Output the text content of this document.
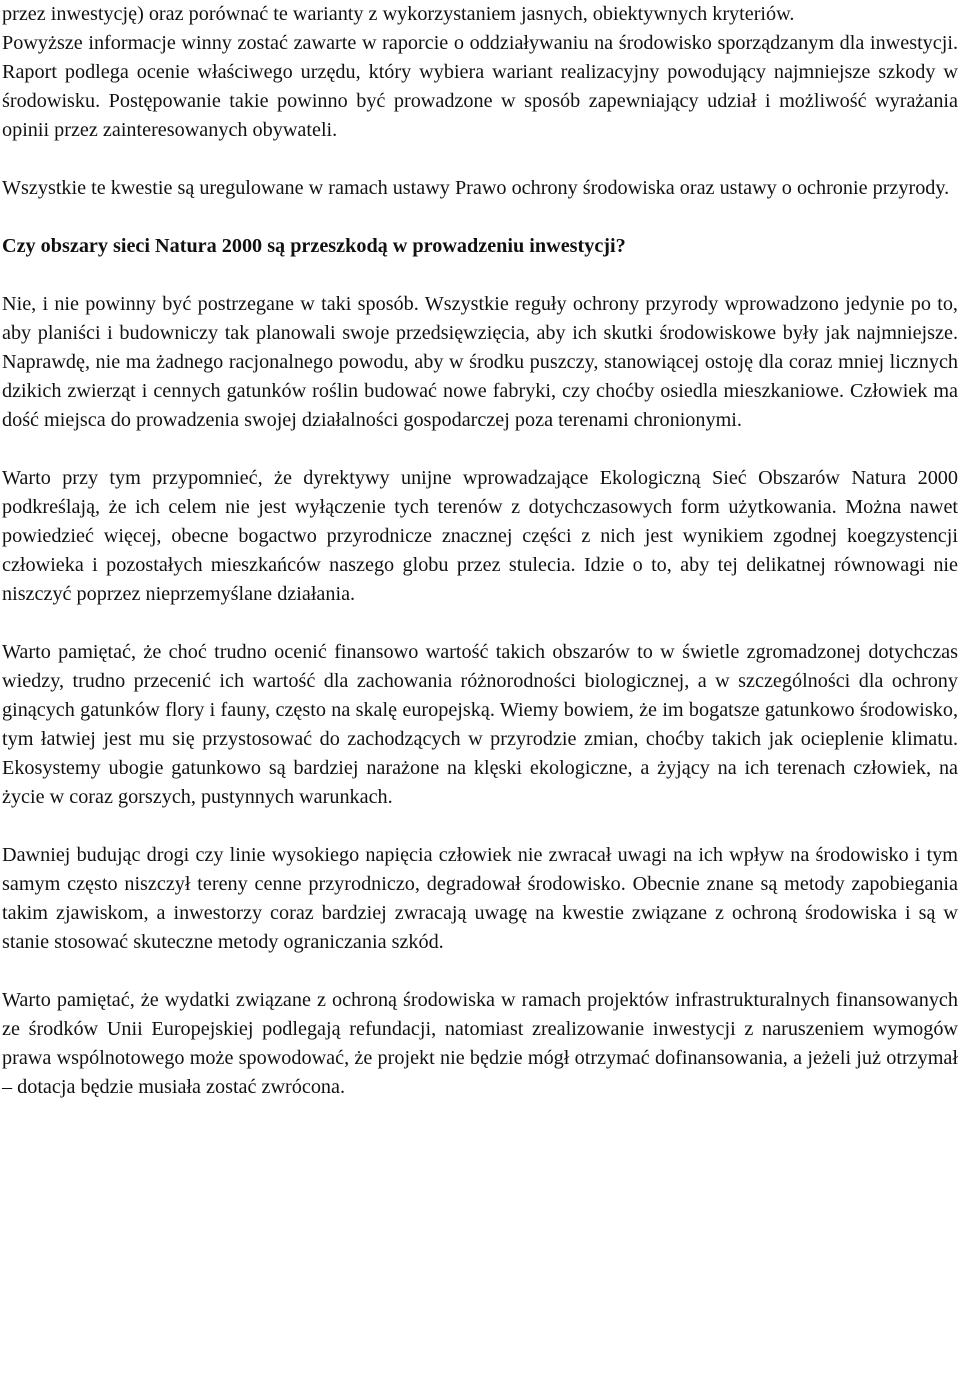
przez inwestycję) oraz porównać te warianty z wykorzystaniem jasnych, obiektywnych kryteriów.
Powyższe informacje winny zostać zawarte w raporcie o oddziaływaniu na środowisko sporządzanym dla inwestycji. Raport podlega ocenie właściwego urzędu, który wybiera wariant realizacyjny powodujący najmniejsze szkody w środowisku. Postępowanie takie powinno być prowadzone w sposób zapewniający udział i możliwość wyrażania opinii przez zainteresowanych obywateli.

Wszystkie te kwestie są uregulowane w ramach ustawy Prawo ochrony środowiska oraz ustawy o ochronie przyrody.

Czy obszary sieci Natura 2000 są przeszkodą w prowadzeniu inwestycji?

Nie, i nie powinny być postrzegane w taki sposób. Wszystkie reguły ochrony przyrody wprowadzono jedynie po to, aby planiści i budowniczy tak planowali swoje przedsięwzięcia, aby ich skutki środowiskowe były jak najmniejsze. Naprawdę, nie ma żadnego racjonalnego powodu, aby w środku puszczy, stanowiącej ostoję dla coraz mniej licznych dzikich zwierząt i cennych gatunków roślin budować nowe fabryki, czy choćby osiedla mieszkaniowe. Człowiek ma dość miejsca do prowadzenia swojej działalności gospodarczej poza terenami chronionymi.

Warto przy tym przypomnieć, że dyrektywy unijne wprowadzające Ekologiczną Sieć Obszarów Natura 2000 podkreślają, że ich celem nie jest wyłączenie tych terenów z dotychczasowych form użytkowania. Można nawet powiedzieć więcej, obecne bogactwo przyrodnicze znacznej części z nich jest wynikiem zgodnej koegzystencji człowieka i pozostałych mieszkańców naszego globu przez stulecia. Idzie o to, aby tej delikatnej równowagi nie niszczyć poprzez nieprzemyślane działania.

Warto pamiętać, że choć trudno ocenić finansowo wartość takich obszarów to w świetle zgromadzonej dotychczas wiedzy, trudno przecenić ich wartość dla zachowania różnorodności biologicznej, a w szczególności dla ochrony ginących gatunków flory i fauny, często na skalę europejską. Wiemy bowiem, że im bogatsze gatunkowo środowisko, tym łatwiej jest mu się przystosować do zachodzących w przyrodzie zmian, choćby takich jak ocieplenie klimatu. Ekosystemy ubogie gatunkowo są bardziej narażone na klęski ekologiczne, a żyjący na ich terenach człowiek, na życie w coraz gorszych, pustynnych warunkach.

Dawniej budując drogi czy linie wysokiego napięcia człowiek nie zwracał uwagi na ich wpływ na środowisko i tym samym często niszczył tereny cenne przyrodniczo, degradował środowisko. Obecnie znane są metody zapobiegania takim zjawiskom, a inwestorzy coraz bardziej zwracają uwagę na kwestie związane z ochroną środowiska i są w stanie stosować skuteczne metody ograniczania szkód.

Warto pamiętać, że wydatki związane z ochroną środowiska w ramach projektów infrastrukturalnych finansowanych ze środków Unii Europejskiej podlegają refundacji, natomiast zrealizowanie inwestycji z naruszeniem wymogów prawa wspólnotowego może spowodować, że projekt nie będzie mógł otrzymać dofinansowania, a jeżeli już otrzymał – dotacja będzie musiała zostać zwrócona.
